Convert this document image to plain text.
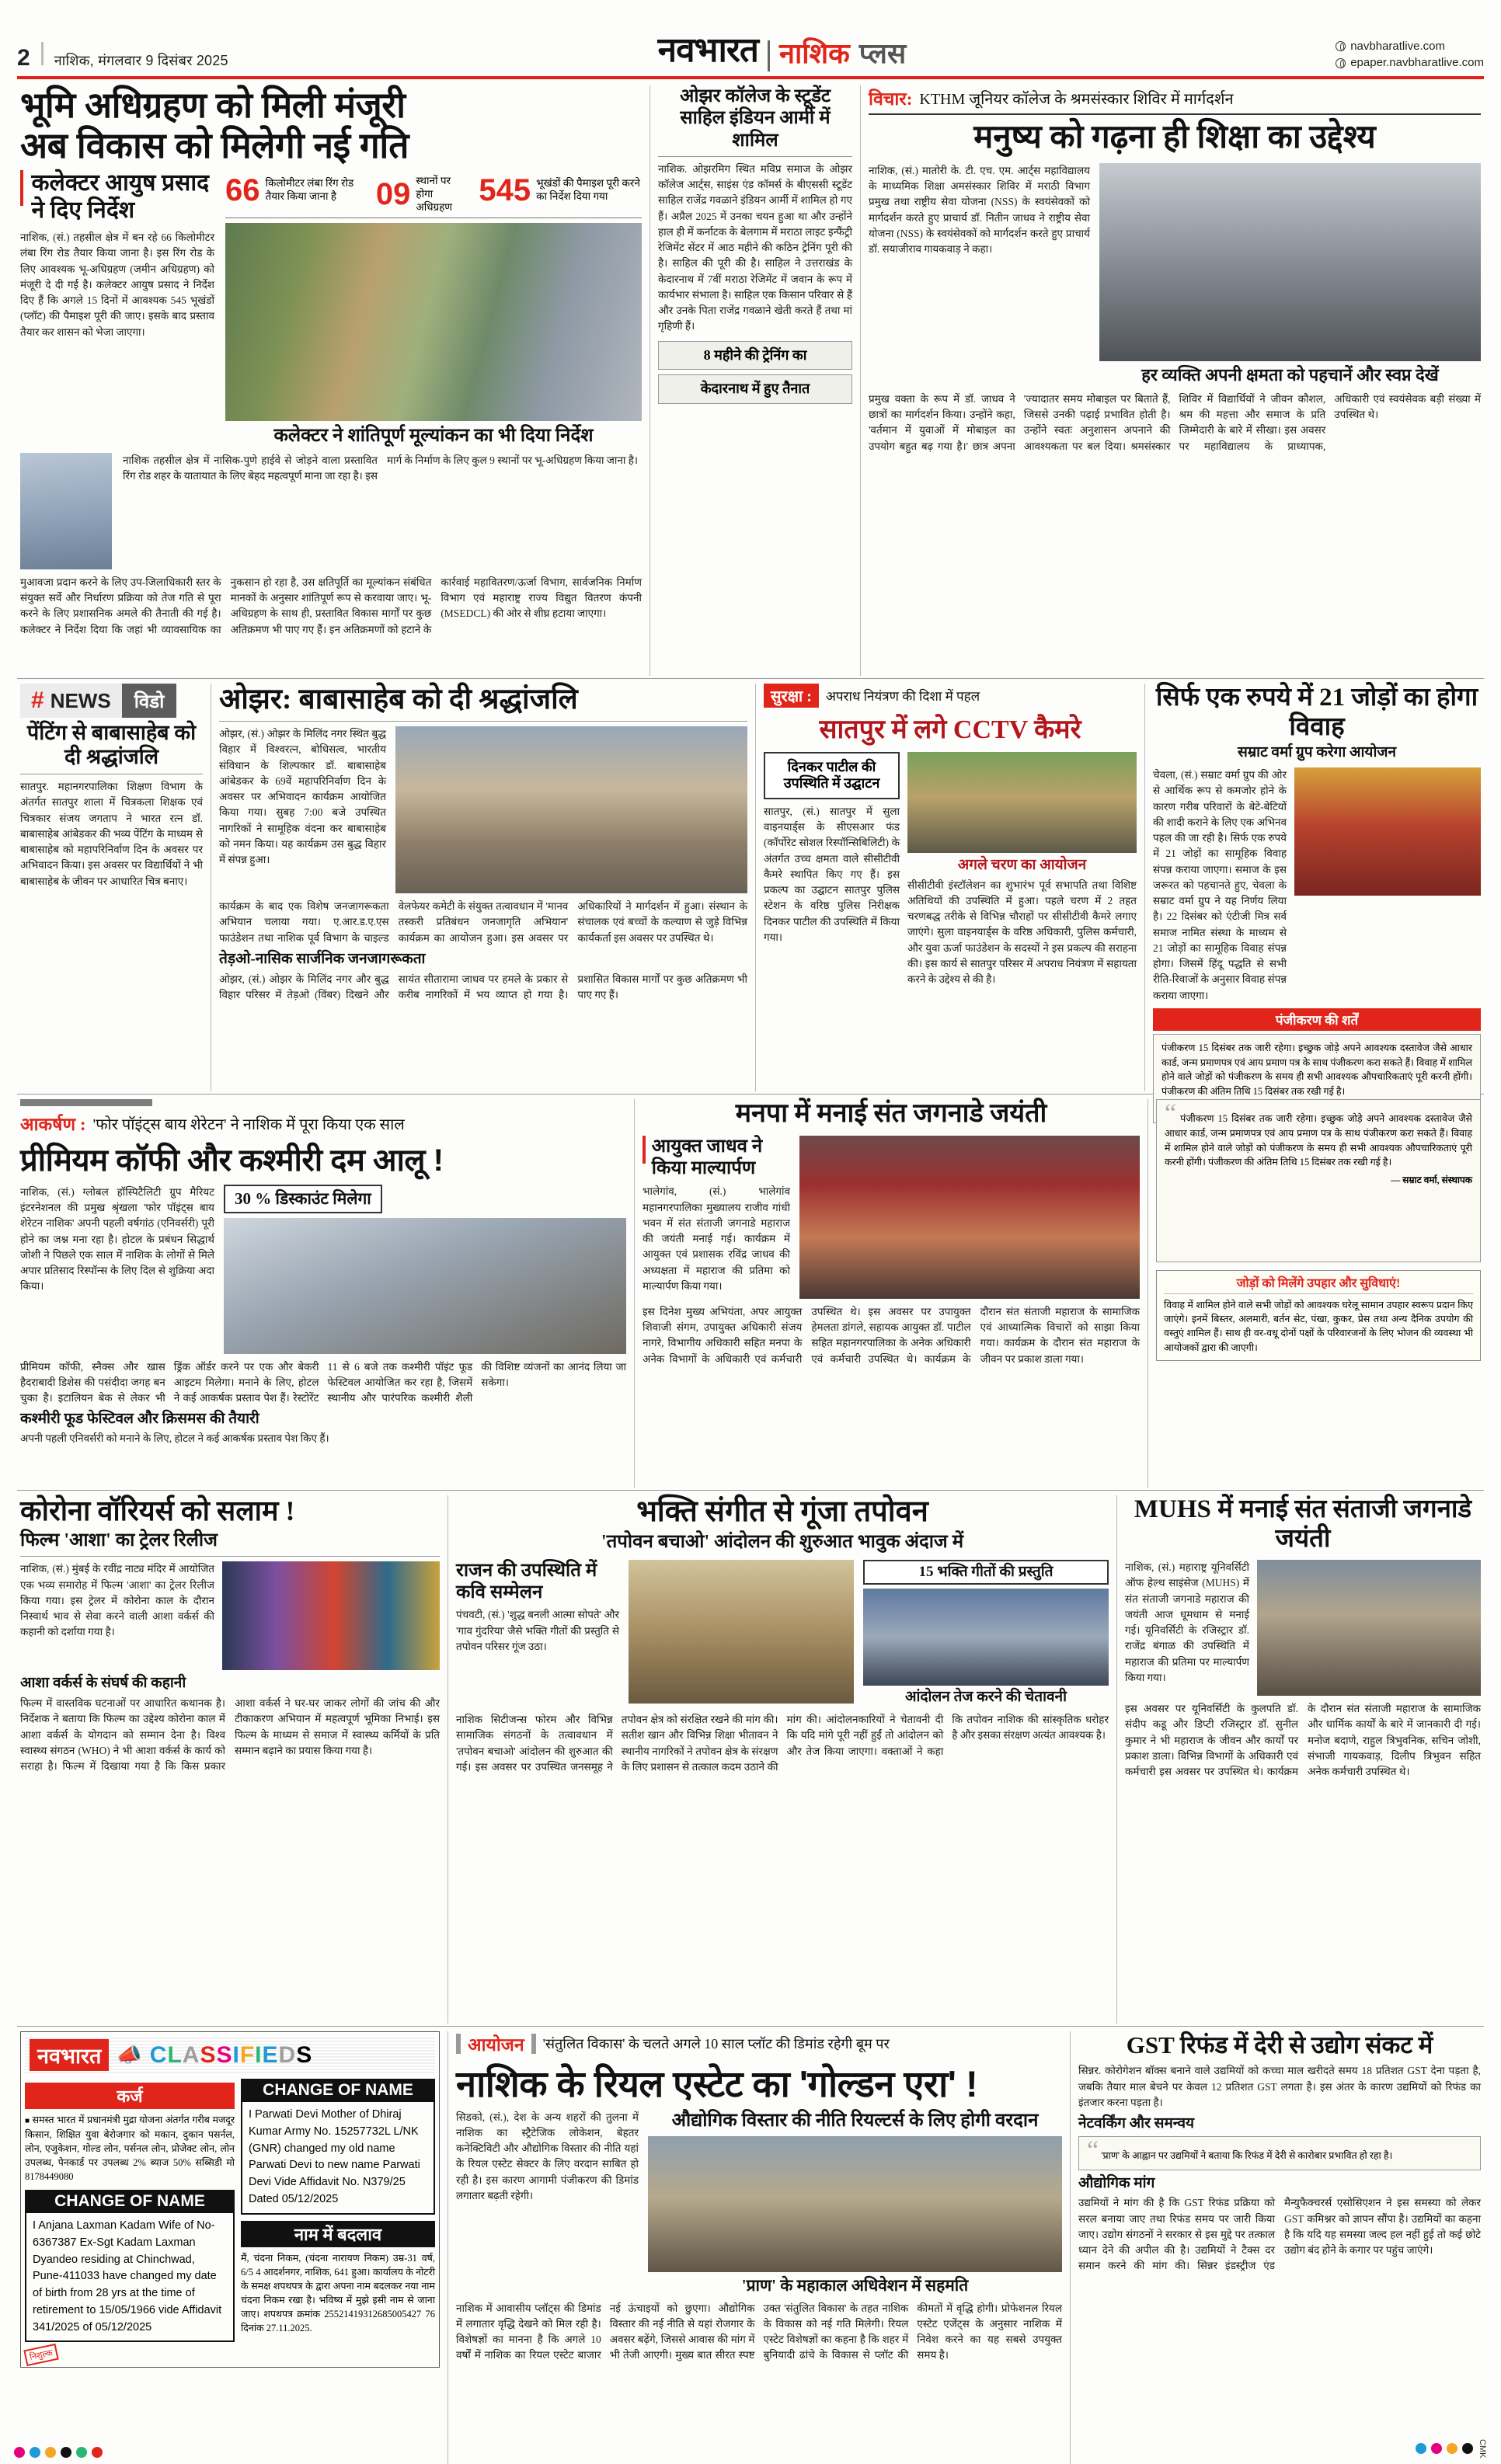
2 नाशिक, मंगलवार 9 दिसंबर 2025	नवभारत नाशिक प्लस	navbharatlive.com
epaper.navbharatlive.com
भूमि अधिग्रहण को मिली मंजूरी
अब विकास को मिलेगी नई गति
कलेक्टर आयुष प्रसाद ने दिए निर्देश
नाशिक, (सं.) तहसील क्षेत्र में बन रहे 66 किलोमीटर लंबा रिंग रोड तैयार किया जाना है। इस रिंग रोड के लिए आवश्यक भू-अधिग्रहण (जमीन अधिग्रहण) को मंजूरी दे दी गई है। कलेक्टर आयुष प्रसाद ने निर्देश दिए हैं कि अगले 15 दिनों में आवश्यक 545 भूखंडों (प्लॉट) की पैमाइश पूरी की जाए। इसके बाद प्रस्ताव तैयार कर शासन को भेजा जाएगा।
66 किलोमीटर लंबा रिंग रोड तैयार किया जाना है	09 स्थानों पर होगा अधिग्रहण 545 भूखंडों की पैमाइश पूरी करने का निर्देश दिया गया
कलेक्टर ने शांतिपूर्ण मूल्यांकन का भी दिया निर्देश
नाशिक तहसील क्षेत्र में नासिक-पुणे हाईवे से जोड़ने वाला प्रस्तावित रिंग रोड शहर के यातायात के लिए बेहद महत्वपूर्ण माना जा रहा है। इस मार्ग के निर्माण के लिए कुल 9 स्थानों पर भू-अधिग्रहण किया जाना है।
मुआवजा प्रदान करने के लिए उप-जिलाधिकारी स्तर के संयुक्त सर्वे और निर्धारण प्रक्रिया को तेज गति से पूरा करने के लिए प्रशासनिक अमले की तैनाती की गई है। कलेक्टर ने निर्देश दिया कि जहां भी व्यावसायिक का नुकसान हो रहा है, उस क्षतिपूर्ति का मूल्यांकन संबंधित मानकों के अनुसार शांतिपूर्ण रूप से करवाया जाए। भू-अधिग्रहण के साथ ही, प्रस्तावित विकास मार्गों पर कुछ अतिक्रमण भी पाए गए हैं। इन अतिक्रमणों को हटाने के कार्रवाई महावितरण/ऊर्जा विभाग, सार्वजनिक निर्माण विभाग एवं महाराष्ट्र राज्य विद्युत वितरण कंपनी (MSEDCL) की ओर से शीघ्र हटाया जाएगा।
ओझर कॉलेज के स्टूडेंट साहिल इंडियन आर्मी में शामिल
नाशिक. ओझरमिग स्थित मविप्र समाज के ओझर कॉलेज आर्ट्स, साइंस एंड कॉमर्स के बीएससी स्टूडेंट साहिल राजेंद्र गवळाने इंडियन आर्मी में शामिल हो गए हैं। अप्रैल 2025 में उनका चयन हुआ था और उन्होंने हाल ही में कर्नाटक के बेलगाम में मराठा लाइट इन्फैंट्री रेजिमेंट सेंटर में आठ महीने की कठिन ट्रेनिंग पूरी की है। साहिल की पूरी की है। साहिल ने उत्तराखंड के केदारनाथ में 7वीं मराठा रेजिमेंट में जवान के रूप में कार्यभार संभाला है। साहिल एक किसान परिवार से हैं और उनके पिता राजेंद्र गवळाने खेती करते हैं तथा मां गृहिणी हैं।
8 महीने की ट्रेनिंग का
केदारनाथ में हुए तैनात
विचार: KTHM जूनियर कॉलेज के श्रमसंस्कार शिविर में मार्गदर्शन
मनुष्य को गढ़ना ही शिक्षा का उद्देश्य
नाशिक, (सं.) मातोरी के. टी. एच. एम. आर्ट्स महाविद्यालय के माध्यमिक शिक्षा अमसंस्कार शिविर में मराठी विभाग प्रमुख तथा राष्ट्रीय सेवा योजना (NSS) के स्वयंसेवकों को मार्गदर्शन करते हुए प्राचार्य डॉ. नितीन जाधव ने राष्ट्रीय सेवा योजना (NSS) के स्वयंसेवकों को मार्गदर्शन करते हुए प्राचार्य डॉ. सयाजीराव गायकवाड़ ने कहा।
हर व्यक्ति अपनी क्षमता को पहचानें और स्वप्न देखें
प्रमुख वक्ता के रूप में डॉ. जाधव ने छात्रों का मार्गदर्शन किया। उन्होंने कहा, 'वर्तमान में युवाओं में मोबाइल का उपयोग बहुत बढ़ गया है।' छात्र अपना 'ज्यादातर समय मोबाइल पर बिताते हैं, जिससे उनकी पढ़ाई प्रभावित होती है। उन्होंने स्वतः अनुशासन अपनाने की आवश्यकता पर बल दिया। श्रमसंस्कार शिविर में विद्यार्थियों ने जीवन कौशल, श्रम की महत्ता और समाज के प्रति जिम्मेदारी के बारे में सीखा। इस अवसर पर महाविद्यालय के प्राध्यापक, अधिकारी एवं स्वयंसेवक बड़ी संख्या में उपस्थित थे।
# NEWS	विडो
पेंटिंग से बाबासाहेब को दी श्रद्धांजलि
सातपुर. महानगरपालिका शिक्षण विभाग के अंतर्गत सातपुर शाला में चित्रकला शिक्षक एवं चित्रकार संजय जगताप ने भारत रत्न डॉ. बाबासाहेब आंबेडकर की भव्य पेंटिंग के माध्यम से बाबासाहेब को महापरिनिर्वाण दिन के अवसर पर अभिवादन किया। इस अवसर पर विद्यार्थियों ने भी बाबासाहेब के जीवन पर आधारित चित्र बनाए।
ओझर: बाबासाहेब को दी श्रद्धांजलि
ओझर, (सं.) ओझर के मिलिंद नगर स्थित बुद्ध विहार में विश्वरत्न, बोधिसत्व, भारतीय संविधान के शिल्पकार डॉ. बाबासाहेब आंबेडकर के 69वें महापरिनिर्वाण दिन के अवसर पर अभिवादन कार्यक्रम आयोजित किया गया। सुबह 7:00 बजे उपस्थित नागरिकों ने सामूहिक वंदना कर बाबासाहेब को नमन किया। यह कार्यक्रम उस बुद्ध विहार में संपन्न हुआ।
कार्यक्रम के बाद एक विशेष जनजागरूकता अभियान चलाया गया। ए.आर.ड.ए.एस फाउंडेशन तथा नाशिक पूर्व विभाग के चाइल्ड वेलफेयर कमेटी के संयुक्त तत्वावधान में 'मानव तस्करी प्रतिबंधन जनजागृति अभियान' कार्यक्रम का आयोजन हुआ। इस अवसर पर अधिकारियों ने मार्गदर्शन में हुआ। संस्थान के संचालक एवं बच्चों के कल्याण से जुड़े विभिन्न कार्यकर्ता इस अवसर पर उपस्थित थे।
तेड़ओ-नासिक सार्जनिक जनजागरूकता
ओझर, (सं.) ओझर के मिलिंद नगर और बुद्ध विहार परिसर में तेड़ओ (विंबर) दिखने और सायंत सीतारामा जाधव पर हमले के प्रकार से करीब नागरिकों में भय व्याप्त हो गया है। प्रशासित विकास मार्गों पर कुछ अतिक्रमण भी पाए गए हैं।
सुरक्षा :	अपराध नियंत्रण की दिशा में पहल
सातपुर में लगे CCTV कैमरे
दिनकर पाटील की उपस्थिति में उद्घाटन
सातपुर, (सं.) सातपुर में सुला वाइनयार्ड्स के सीएसआर फंड (कॉर्पोरेट सोशल रिस्पॉन्सिबिलिटी) के अंतर्गत उच्च क्षमता वाले सीसीटीवी कैमरे स्थापित किए गए हैं। इस प्रकल्प का उद्घाटन सातपुर पुलिस स्टेशन के वरिष्ठ पुलिस निरीक्षक दिनकर पाटील की उपस्थिति में किया गया।
अगले चरण का आयोजन
सीसीटीवी इंस्टॉलेशन का शुभारंभ पूर्व सभापति तथा विशिष्ट अतिथियों की उपस्थिति में हुआ। पहले चरण में 2 तहत चरणबद्ध तरीके से विभिन्न चौराहों पर सीसीटीवी कैमरे लगाए जाएंगे। सुला वाइनयार्ड्स के वरिष्ठ अधिकारी, पुलिस कर्मचारी, और युवा ऊर्जा फाउंडेशन के सदस्यों ने इस प्रकल्प की सराहना की। इस कार्य से सातपुर परिसर में अपराध नियंत्रण में सहायता करने के उद्देश्य से की है।
सिर्फ एक रुपये में 21 जोड़ों का होगा विवाह
सम्राट वर्मा ग्रुप करेगा आयोजन
चेवला, (सं.) सम्राट वर्मा ग्रुप की ओर से आर्थिक रूप से कमजोर होने के कारण गरीब परिवारों के बेटे-बेटियों की शादी कराने के लिए एक अभिनव पहल की जा रही है। सिर्फ एक रुपये में 21 जोड़ों का सामूहिक विवाह संपन्न कराया जाएगा। समाज के इस जरूरत को पहचानते हुए, चेवला के सम्राट वर्मा ग्रुप ने यह निर्णय लिया है। 22 दिसंबर को एंटीजी मित्र सर्व समाज नामित संस्था के माध्यम से 21 जोड़ों का सामूहिक विवाह संपन्न होगा। जिसमें हिंदू पद्धति से सभी रीति-रिवाजों के अनुसार विवाह संपन्न कराया जाएगा।
पंजीकरण की शर्तें
पंजीकरण 15 दिसंबर तक जारी रहेगा। इच्छुक जोड़े अपने आवश्यक दस्तावेज जैसे आधार कार्ड, जन्म प्रमाणपत्र एवं आय प्रमाण पत्र के साथ पंजीकरण करा सकते हैं। विवाह में शामिल होने वाले जोड़ों को पंजीकरण के समय ही सभी आवश्यक औपचारिकताएं पूरी करनी होंगी। पंजीकरण की अंतिम तिथि 15 दिसंबर तक रखी गई है।
आकर्षण : 'फोर पॉइंट्स बाय शेरेटन' ने नाशिक में पूरा किया एक साल
प्रीमियम कॉफी और कश्मीरी दम आलू !
नाशिक, (सं.) ग्लोबल हॉस्पिटैलिटी ग्रुप मैरियट इंटरनेशनल की प्रमुख श्रृंखला 'फोर पॉइंट्स बाय शेरेटन नाशिक' अपनी पहली वर्षगांठ (एनिवर्सरी) पूरी होने का जश्न मना रहा है। होटल के प्रबंधन सिद्धार्थ जोशी ने पिछले एक साल में नाशिक के लोगों से मिले अपार प्रतिसाद रिस्पॉन्स के लिए दिल से शुक्रिया अदा किया।
30 % डिस्काउंट मिलेगा
प्रीमियम कॉफी, स्नैक्स और खास हैदराबादी डिशेस की पसंदीदा जगह बन चुका है। इटालियन बेक से लेकर भी ड्रिंक ऑर्डर करने पर एक और बेकरी आइटम मिलेगा। मनाने के लिए, होटल ने कई आकर्षक प्रस्ताव पेश हैं। रेस्टोरेंट 11 से 6 बजे तक कश्मीरी पॉइंट फूड फेस्टिवल आयोजित कर रहा है, जिसमें स्थानीय और पारंपरिक कश्मीरी शैली की विशिष्ट व्यंजनों का आनंद लिया जा सकेगा।
कश्मीरी फूड फेस्टिवल और क्रिसमस की तैयारी
अपनी पहली एनिवर्सरी को मनाने के लिए, होटल ने कई आकर्षक प्रस्ताव पेश किए हैं।
मनपा में मनाई संत जगनाडे जयंती
आयुक्त जाधव ने किया माल्यार्पण
भालेगांव, (सं.) भालेगांव महानगरपालिका मुख्यालय राजीव गांधी भवन में संत संताजी जगनाडे महाराज की जयंती मनाई गई। कार्यक्रम में आयुक्त एवं प्रशासक रविंद्र जाधव की अध्यक्षता में महाराज की प्रतिमा को माल्यार्पण किया गया।
इस दिनेश मुख्य अभियंता, अपर आयुक्त शिवाजी संगम, उपायुक्त अधिकारी संजय नागरे, विभागीय अधिकारी सहित मनपा के अनेक विभागों के अधिकारी एवं कर्मचारी उपस्थित थे। इस अवसर पर उपायुक्त हेमलता डांगले, सहायक आयुक्त डॉ. पाटील सहित महानगरपालिका के अनेक अधिकारी एवं कर्मचारी उपस्थित थे। कार्यक्रम के दौरान संत संताजी महाराज के सामाजिक एवं आध्यात्मिक विचारों को साझा किया गया। कार्यक्रम के दौरान संत महाराज के जीवन पर प्रकाश डाला गया।
“ पंजीकरण 15 दिसंबर तक जारी रहेगा। इच्छुक जोड़े अपने आवश्यक दस्तावेज जैसे आधार कार्ड, जन्म प्रमाणपत्र एवं आय प्रमाण पत्र के साथ पंजीकरण करा सकते हैं। विवाह में शामिल होने वाले जोड़ों को पंजीकरण के समय ही सभी आवश्यक औपचारिकताएं पूरी करनी होंगी। पंजीकरण की अंतिम तिथि 15 दिसंबर तक रखी गई है।
— सम्राट वर्मा, संस्थापक
जोड़ों को मिलेंगे उपहार और सुविधाएं!
विवाह में शामिल होने वाले सभी जोड़ों को आवश्यक घरेलू सामान उपहार स्वरूप प्रदान किए जाएंगे। इनमें बिस्तर, अलमारी, बर्तन सेट, पंखा, कुकर, प्रेस तथा अन्य दैनिक उपयोग की वस्तुएं शामिल हैं। साथ ही वर-वधू दोनों पक्षों के परिवारजनों के लिए भोजन की व्यवस्था भी आयोजकों द्वारा की जाएगी।
कोरोना वॉरियर्स को सलाम !
फिल्म 'आशा' का ट्रेलर रिलीज
नाशिक, (सं.) मुंबई के रवींद्र नाट्य मंदिर में आयोजित एक भव्य समारोह में फिल्म 'आशा' का ट्रेलर रिलीज किया गया। इस ट्रेलर में कोरोना काल के दौरान निस्वार्थ भाव से सेवा करने वाली आशा वर्कर्स की कहानी को दर्शाया गया है।
आशा वर्कर्स के संघर्ष की कहानी
फिल्म में वास्तविक घटनाओं पर आधारित कथानक है। निर्देशक ने बताया कि फिल्म का उद्देश्य कोरोना काल में आशा वर्कर्स के योगदान को सम्मान देना है। विश्व स्वास्थ्य संगठन (WHO) ने भी आशा वर्कर्स के कार्य को सराहा है। फिल्म में दिखाया गया है कि किस प्रकार आशा वर्कर्स ने घर-घर जाकर लोगों की जांच की और टीकाकरण अभियान में महत्वपूर्ण भूमिका निभाई। इस फिल्म के माध्यम से समाज में स्वास्थ्य कर्मियों के प्रति सम्मान बढ़ाने का प्रयास किया गया है।
भक्ति संगीत से गूंजा तपोवन
'तपोवन बचाओ' आंदोलन की शुरुआत भावुक अंदाज में
राजन की उपस्थिति में कवि सम्मेलन
पंचवटी, (सं.) 'शुद्ध बनली आत्मा सोपते' और 'गाव गुंदरिया' जैसे भक्ति गीतों की प्रस्तुति से तपोवन परिसर गूंज उठा।
15 भक्ति गीतों की प्रस्तुति
आंदोलन तेज करने की चेतावनी
नाशिक सिटीजन्स फोरम और विभिन्न सामाजिक संगठनों के तत्वावधान में 'तपोवन बचाओ' आंदोलन की शुरुआत की गई। इस अवसर पर उपस्थित जनसमूह ने तपोवन क्षेत्र को संरक्षित रखने की मांग की। सतीश खान और विभिन्न शिक्षा भीतावन ने स्थानीय नागरिकों ने तपोवन क्षेत्र के संरक्षण के लिए प्रशासन से तत्काल कदम उठाने की मांग की। आंदोलनकारियों ने चेतावनी दी कि यदि मांगे पूरी नहीं हुईं तो आंदोलन को और तेज किया जाएगा। वक्ताओं ने कहा कि तपोवन नाशिक की सांस्कृतिक धरोहर है और इसका संरक्षण अत्यंत आवश्यक है।
MUHS में मनाई संत संताजी जगनाडे जयंती
नाशिक, (सं.) महाराष्ट्र यूनिवर्सिटी ऑफ हेल्थ साइंसेज (MUHS) में संत संताजी जगनाडे महाराज की जयंती आज धूमधाम से मनाई गई। यूनिवर्सिटी के रजिस्ट्रार डॉ. राजेंद्र बंगाळ की उपस्थिति में महाराज की प्रतिमा पर माल्यार्पण किया गया।
इस अवसर पर यूनिवर्सिटी के कुलपति डॉ. संदीप कडू और डिप्टी रजिस्ट्रार डॉ. सुनील कुमार ने भी महाराज के जीवन और कार्यों पर प्रकाश डाला। विभिन्न विभागों के अधिकारी एवं कर्मचारी इस अवसर पर उपस्थित थे। कार्यक्रम के दौरान संत संताजी महाराज के सामाजिक और धार्मिक कार्यों के बारे में जानकारी दी गई। मनोज बदाणे, राहुल त्रिभुवनिक, सचिन जोशी, संभाजी गायकवाड़, दिलीप त्रिभुवन सहित अनेक कर्मचारी उपस्थित थे।
नवभारत 📣 CLASSIFIEDS
कर्ज
■ समस्त भारत में प्रधानमंत्री मुद्रा योजना अंतर्गत गरीब मजदूर किसान, शिक्षित युवा बेरोजगार को मकान, दुकान पसर्नल, लोन, एजुकेशन, गोल्ड लोन, पर्सनल लोन, प्रोजेक्ट लोन, लोन उपलब्ध, पेनकार्ड पर उपलब्ध 2% ब्याज 50% सब्सिडी मो 8178449080
CHANGE OF NAME
I Anjana Laxman Kadam Wife of No-6367387 Ex-Sgt Kadam Laxman Dyandeo residing at Chinchwad, Pune-411033 have changed my date of birth from 28 yrs at the time of retirement to 15/05/1966 vide Affidavit 341/2025 of 05/12/2025
निशुल्क
CHANGE OF NAME
I Parwati Devi Mother of Dhiraj Kumar Army No. 15257732L L/NK (GNR) changed my old name Parwati Devi to new name Parwati Devi Vide Affidavit No. N379/25 Dated 05/12/2025
नाम में बदलाव
मैं, चंदना निकम, (चंदना नारायण निकम) उम्र-31 वर्ष, 6/5 4 आदर्शनगर, नाशिक, 641 हुआ। कार्यालय के नोटरी के समक्ष शपथपत्र के द्वारा अपना नाम बदलकर नया नाम चंदना निकम रखा है। भविष्य में मुझे इसी नाम से जाना जाए। शपथपत्र क्रमांक 25521419312685005427 76 दिनांक 27.11.2025.
आयोजन 'संतुलित विकास' के चलते अगले 10 साल प्लॉट की डिमांड रहेगी बूम पर
नाशिक के रियल एस्टेट का 'गोल्डन एरा' !
सिडको, (सं.), देश के अन्य शहरों की तुलना में नाशिक का स्ट्रैटेजिक लोकेशन, बेहतर कनेक्टिविटी और औद्योगिक विस्तार की नीति यहां के रियल एस्टेट सेक्टर के लिए वरदान साबित हो रही है। इस कारण आगामी पंजीकरण की डिमांड लगातार बढ़ती रहेगी।
औद्योगिक विस्तार की नीति रियल्टर्स के लिए होगी वरदान
'प्राण' के महाकाल अधिवेशन में सहमति
नाशिक में आवासीय प्लॉट्स की डिमांड में लगातार वृद्धि देखने को मिल रही है। विशेषज्ञों का मानना है कि अगले 10 वर्षों में नाशिक का रियल एस्टेट बाजार नई ऊंचाइयों को छुएगा। औद्योगिक विस्तार की नई नीति से यहां रोजगार के अवसर बढ़ेंगे, जिससे आवास की मांग में भी तेजी आएगी। मुख्य बात सीरत स्पष्ट उक्त 'संतुलित विकास' के तहत नाशिक के विकास को नई गति मिलेगी। रियल एस्टेट विशेषज्ञों का कहना है कि शहर में बुनियादी ढांचे के विकास से प्लॉट की कीमतों में वृद्धि होगी। प्रोफेशनल रियल एस्टेट एजेंट्स के अनुसार नाशिक में निवेश करने का यह सबसे उपयुक्त समय है।
GST रिफंड में देरी से उद्योग संकट में
सिन्नर. कोरोगेशन बॉक्स बनाने वाले उद्यमियों को कच्चा माल खरीदते समय 18 प्रतिशत GST देना पड़ता है, जबकि तैयार माल बेचने पर केवल 12 प्रतिशत GST लगता है। इस अंतर के कारण उद्यमियों को रिफंड का इंतजार करना पड़ता है।
नेटवर्किंग और समन्वय
“ 'प्राण' के आह्वान पर उद्यमियों ने बताया कि रिफंड में देरी से कारोबार प्रभावित हो रहा है।
औद्योगिक मांग
उद्यमियों ने मांग की है कि GST रिफंड प्रक्रिया को सरल बनाया जाए तथा रिफंड समय पर जारी किया जाए। उद्योग संगठनों ने सरकार से इस मुद्दे पर तत्काल ध्यान देने की अपील की है। उद्यमियों ने टैक्स दर समान करने की मांग की। सिन्नर इंडस्ट्रीज एंड मैन्युफैक्चरर्स एसोसिएशन ने इस समस्या को लेकर GST कमिश्नर को ज्ञापन सौंपा है। उद्यमियों का कहना है कि यदि यह समस्या जल्द हल नहीं हुई तो कई छोटे उद्योग बंद होने के कगार पर पहुंच जाएंगे।
CMK
